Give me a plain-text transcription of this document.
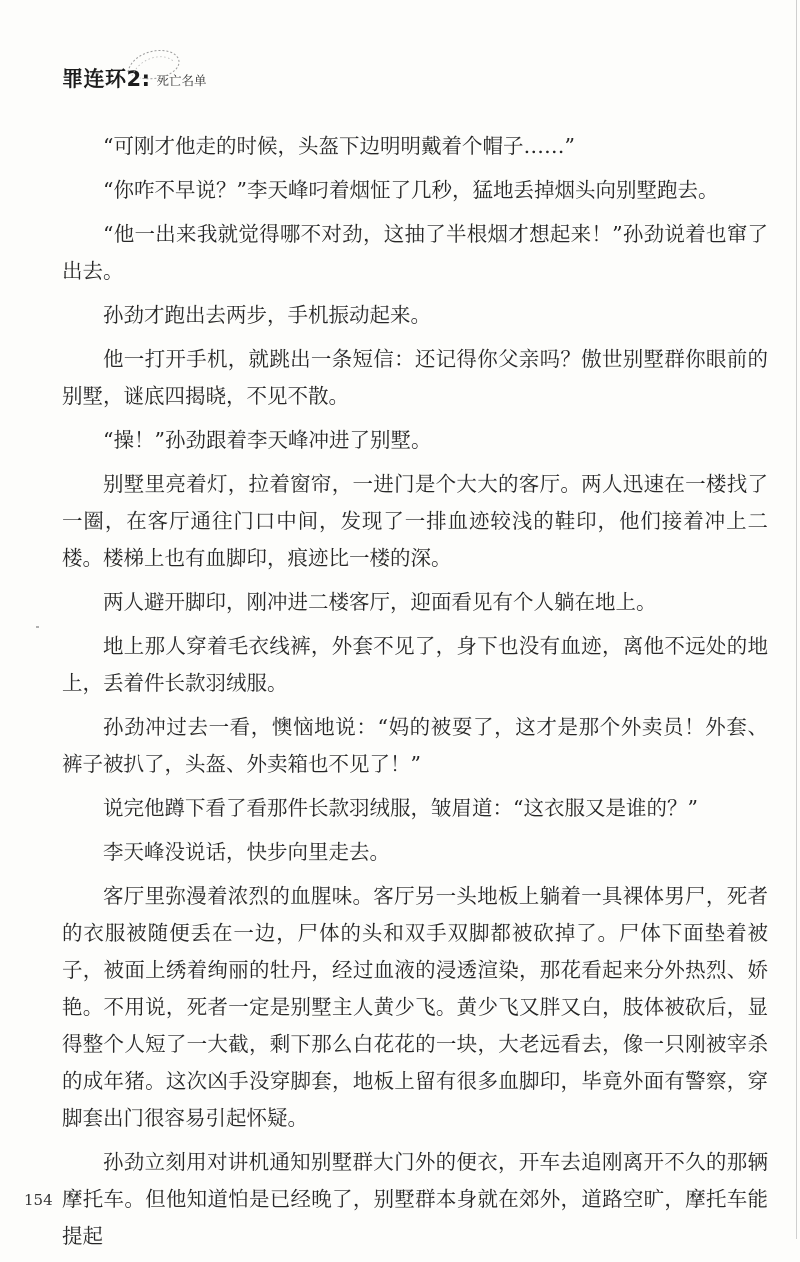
罪连环2: 死亡名单

“可刚才他走的时候，头盔下边明明戴着个帽子……”

“你咋不早说？”李天峰叼着烟怔了几秒，猛地丢掉烟头向别墅跑去。

“他一出来我就觉得哪不对劲，这抽了半根烟才想起来！”孙劲说着也窜了出去。

孙劲才跑出去两步，手机振动起来。

他一打开手机，就跳出一条短信：还记得你父亲吗？傲世别墅群你眼前的别墅，谜底四揭晓，不见不散。

“操！”孙劲跟着李天峰冲进了别墅。

别墅里亮着灯，拉着窗帘，一进门是个大大的客厅。两人迅速在一楼找了一圈，在客厅通往门口中间，发现了一排血迹较浅的鞋印，他们接着冲上二楼。楼梯上也有血脚印，痕迹比一楼的深。

两人避开脚印，刚冲进二楼客厅，迎面看见有个人躺在地上。

地上那人穿着毛衣线裤，外套不见了，身下也没有血迹，离他不远处的地上，丢着件长款羽绒服。

孙劲冲过去一看，懊恼地说：“妈的被耍了，这才是那个外卖员！外套、裤子被扒了，头盔、外卖箱也不见了！”

说完他蹲下看了看那件长款羽绒服，皱眉道：“这衣服又是谁的？”

李天峰没说话，快步向里走去。

客厅里弥漫着浓烈的血腥味。客厅另一头地板上躺着一具裸体男尸，死者的衣服被随便丢在一边，尸体的头和双手双脚都被砍掉了。尸体下面垫着被子，被面上绣着绚丽的牡丹，经过血液的浸透渲染，那花看起来分外热烈、娇艳。不用说，死者一定是别墅主人黄少飞。黄少飞又胖又白，肢体被砍后，显得整个人短了一大截，剩下那么白花花的一块，大老远看去，像一只刚被宰杀的成年猪。这次凶手没穿脚套，地板上留有很多血脚印，毕竟外面有警察，穿脚套出门很容易引起怀疑。

孙劲立刻用对讲机通知别墅群大门外的便衣，开车去追刚离开不久的那辆摩托车。但他知道怕是已经晚了，别墅群本身就在郊外，道路空旷，摩托车能提起

154
